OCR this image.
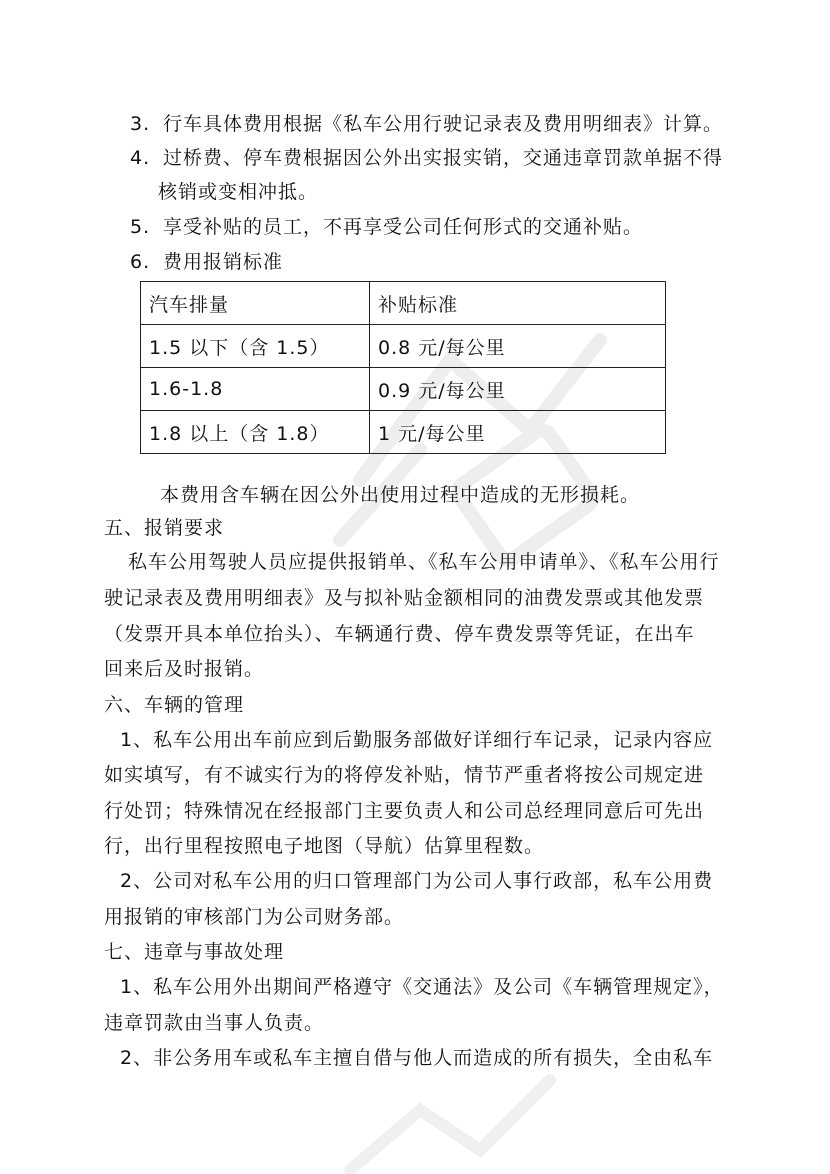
3. 行车具体费用根据《私车公用行驶记录表及费用明细表》计算。
4. 过桥费、停车费根据因公外出实报实销，交通违章罚款单据不得
核销或变相冲抵。
5. 享受补贴的员工，不再享受公司任何形式的交通补贴。
6. 费用报销标准
汽车排量	补贴标准
1.5 以下（含 1.5）	0.8 元/每公里
1.6-1.8	0.9 元/每公里
1.8 以上（含 1.8）	1 元/每公里
本费用含车辆在因公外出使用过程中造成的无形损耗。
五、报销要求
私车公用驾驶人员应提供报销单、《私车公用申请单》、《私车公用行
驶记录表及费用明细表》及与拟补贴金额相同的油费发票或其他发票
（发票开具本单位抬头）、车辆通行费、停车费发票等凭证，在出车
回来后及时报销。
六、车辆的管理
1、私车公用出车前应到后勤服务部做好详细行车记录，记录内容应
如实填写，有不诚实行为的将停发补贴，情节严重者将按公司规定进
行处罚；特殊情况在经报部门主要负责人和公司总经理同意后可先出
行，出行里程按照电子地图（导航）估算里程数。
2、公司对私车公用的归口管理部门为公司人事行政部，私车公用费
用报销的审核部门为公司财务部。
七、违章与事故处理
1、私车公用外出期间严格遵守《交通法》及公司《车辆管理规定》，
违章罚款由当事人负责。
2、非公务用车或私车主擅自借与他人而造成的所有损失，全由私车
